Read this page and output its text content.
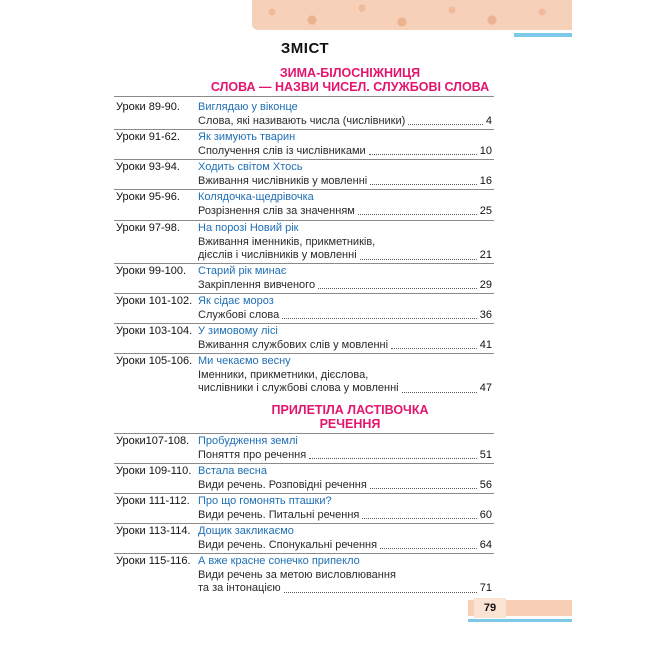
ЗМІСТ
ЗИМА-БІЛОСНІЖНИЦЯ
СЛОВА — НАЗВИ ЧИСЕЛ. СЛУЖБОВІ СЛОВА
Уроки 89-90. Виглядаю у віконце
Слова, які називають числа (числівники)	4
Уроки 91-62. Як зимують тварин
Сполучення слів із числівниками	10
Уроки 93-94. Ходить світом Хтось
Вживання числівників у мовленні	16
Уроки 95-96. Колядочка-щедрівочка
Розрізнення слів за значенням	25
Уроки 97-98. На порозі Новий рік
Вживання іменників, прикметників,
дієслів і числівників у мовленні	21
Уроки 99-100. Старий рік минає
Закріплення вивченого	29
Уроки 101-102. Як сідає мороз
Службові слова	36
Уроки 103-104. У зимовому лісі
Вживання службових слів у мовленні	41
Уроки 105-106. Ми чекаємо весну
Іменники, прикметники, дієслова,
числівники і службові слова у мовленні	47
ПРИЛЕТІЛА ЛАСТІВОЧКА
РЕЧЕННЯ
Уроки107-108. Пробудження землі
Поняття про речення	51
Уроки 109-110. Встала весна
Види речень. Розповідні речення	56
Уроки 111-112. Про що гомонять пташки?
Види речень. Питальні речення	60
Уроки 113-114. Дощик закликаємо
Види речень. Спонукальні речення	64
Уроки 115-116. А вже красне сонечко припекло
Види речень за метою висловлювання
та за інтонацією	71
79
